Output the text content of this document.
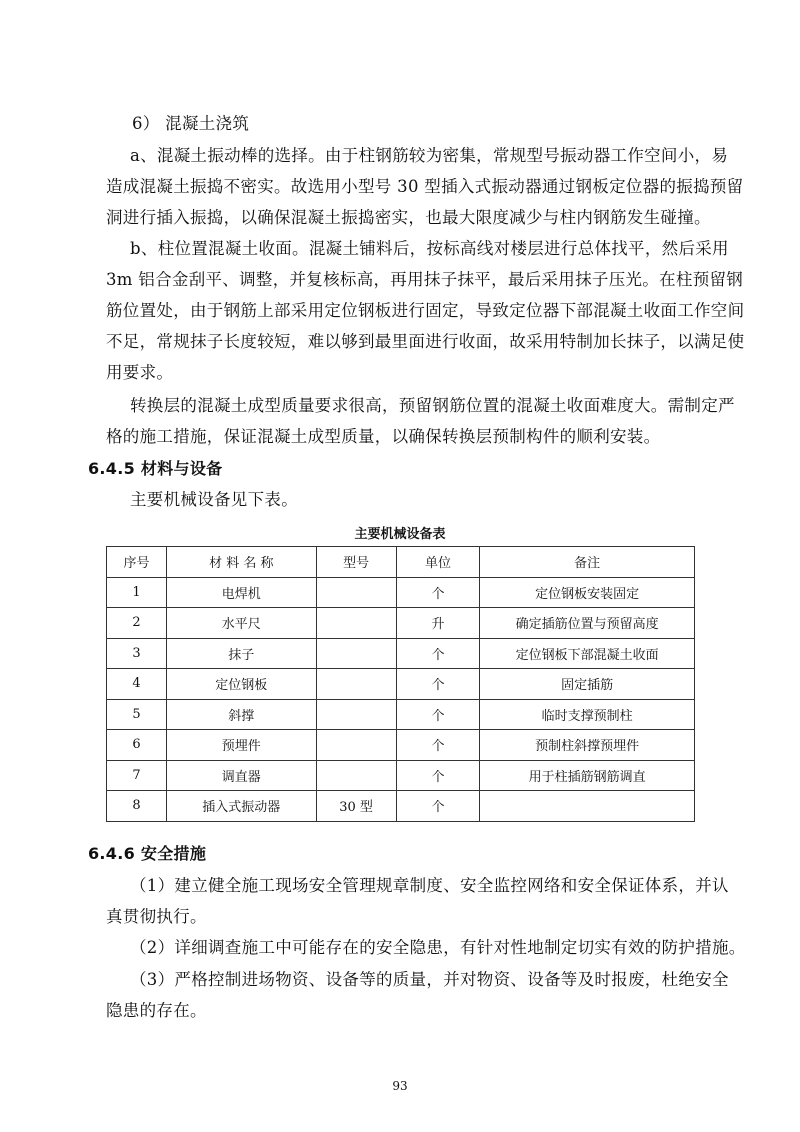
6） 混凝土浇筑
a、混凝土振动棒的选择。由于柱钢筋较为密集，常规型号振动器工作空间小，易
造成混凝土振捣不密实。故选用小型号 30 型插入式振动器通过钢板定位器的振捣预留
洞进行插入振捣，以确保混凝土振捣密实，也最大限度减少与柱内钢筋发生碰撞。
b、柱位置混凝土收面。混凝土铺料后，按标高线对楼层进行总体找平，然后采用
3m 铝合金刮平、调整，并复核标高，再用抹子抹平，最后采用抹子压光。在柱预留钢
筋位置处，由于钢筋上部采用定位钢板进行固定，导致定位器下部混凝土收面工作空间
不足，常规抹子长度较短，难以够到最里面进行收面，故采用特制加长抹子，以满足使
用要求。
转换层的混凝土成型质量要求很高，预留钢筋位置的混凝土收面难度大。需制定严
格的施工措施，保证混凝土成型质量，以确保转换层预制构件的顺利安装。
6.4.5 材料与设备
主要机械设备见下表。
主要机械设备表
序号	材 料 名 称	型号	单位	备注
1	电焊机		个	定位钢板安装固定
2	水平尺		升	确定插筋位置与预留高度
3	抹子		个	定位钢板下部混凝土收面
4	定位钢板		个	固定插筋
5	斜撑		个	临时支撑预制柱
6	预埋件		个	预制柱斜撑预埋件
7	调直器		个	用于柱插筋钢筋调直
8	插入式振动器	30 型	个	
6.4.6 安全措施
（1）建立健全施工现场安全管理规章制度、安全监控网络和安全保证体系，并认
真贯彻执行。
（2）详细调查施工中可能存在的安全隐患，有针对性地制定切实有效的防护措施。
（3）严格控制进场物资、设备等的质量，并对物资、设备等及时报废，杜绝安全
隐患的存在。
93
